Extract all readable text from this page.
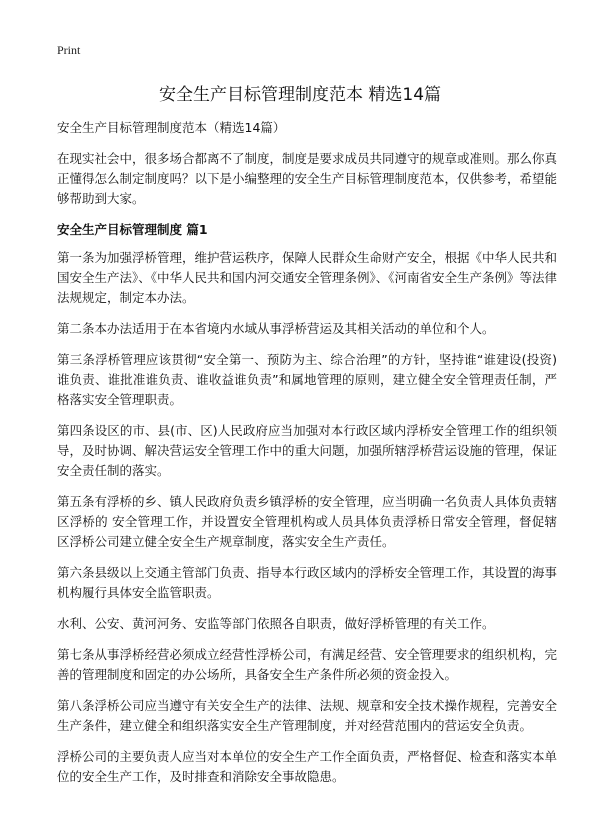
Print
安全生产目标管理制度范本 精选14篇

安全生产目标管理制度范本（精选14篇）

在现实社会中，很多场合都离不了制度，制度是要求成员共同遵守的规章或准则。那么你真正懂得怎么制定制度吗？以下是小编整理的安全生产目标管理制度范本，仅供参考，希望能够帮助到大家。

安全生产目标管理制度 篇1

第一条为加强浮桥管理，维护营运秩序，保障人民群众生命财产安全，根据《中华人民共和国安全生产法》、《中华人民共和国内河交通安全管理条例》、《河南省安全生产条例》等法律法规规定，制定本办法。

第二条本办法适用于在本省境内水域从事浮桥营运及其相关活动的单位和个人。

第三条浮桥管理应该贯彻“安全第一、预防为主、综合治理”的方针，坚持谁“谁建设(投资)谁负责、谁批准谁负责、谁收益谁负责”和属地管理的原则，建立健全安全管理责任制，严格落实安全管理职责。

第四条设区的市、县(市、区)人民政府应当加强对本行政区域内浮桥安全管理工作的组织领导，及时协调、解决营运安全管理工作中的重大问题，加强所辖浮桥营运设施的管理，保证安全责任制的落实。

第五条有浮桥的乡、镇人民政府负责乡镇浮桥的安全管理，应当明确一名负责人具体负责辖区浮桥的 安全管理工作，并设置安全管理机构或人员具体负责浮桥日常安全管理，督促辖区浮桥公司建立健全安全生产规章制度，落实安全生产责任。

第六条县级以上交通主管部门负责、指导本行政区域内的浮桥安全管理工作，其设置的海事机构履行具体安全监管职责。

水利、公安、黄河河务、安监等部门依照各自职责，做好浮桥管理的有关工作。

第七条从事浮桥经营必须成立经营性浮桥公司，有满足经营、安全管理要求的组织机构，完善的管理制度和固定的办公场所，具备安全生产条件所必须的资金投入。

第八条浮桥公司应当遵守有关安全生产的法律、法规、规章和安全技术操作规程，完善安全生产条件，建立健全和组织落实安全生产管理制度，并对经营范围内的营运安全负责。

浮桥公司的主要负责人应当对本单位的安全生产工作全面负责，严格督促、检查和落实本单位的安全生产工作，及时排查和消除安全事故隐患。
